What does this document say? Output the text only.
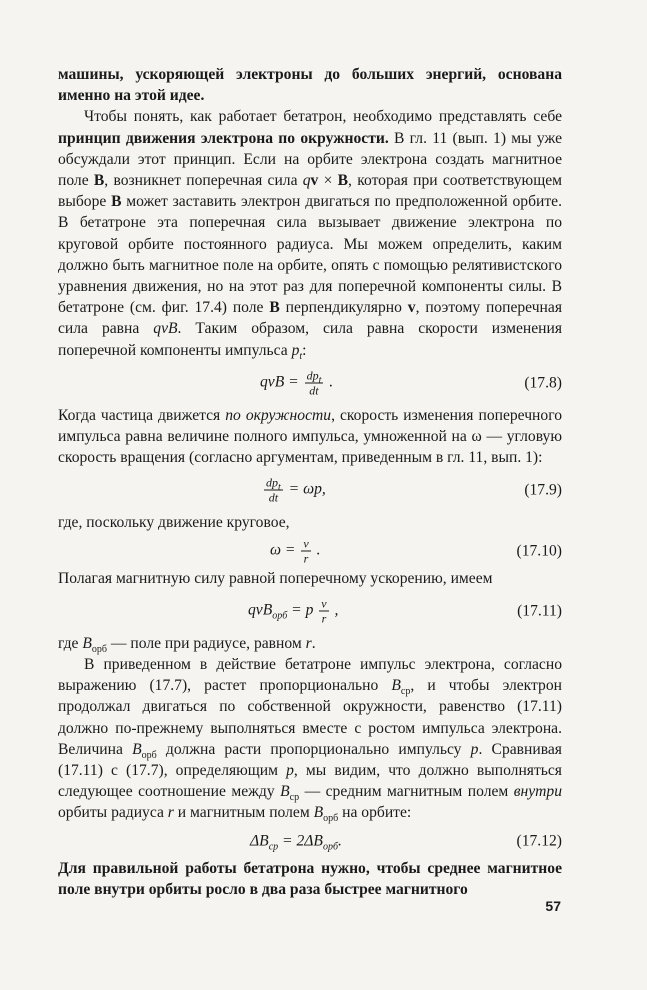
машины, ускоряющей электроны до больших энергий, основана именно на этой идее.

Чтобы понять, как работает бетатрон, необходимо представлять себе принцип движения электрона по окружности. В гл. 11 (вып. 1) мы уже обсуждали этот принцип. Если на орбите электрона создать магнитное поле B, возникнет поперечная сила qv × B, которая при соответствующем выборе B может заставить электрон двигаться по предположенной орбите. В бетатроне эта поперечная сила вызывает движение электрона по круговой орбите постоянного радиуса. Мы можем определить, каким должно быть магнитное поле на орбите, опять с помощью релятивистского уравнения движения, но на этот раз для поперечной компоненты силы. В бетатроне (см. фиг. 17.4) поле B перпендикулярно v, поэтому поперечная сила равна qvB. Таким образом, сила равна скорости изменения поперечной компоненты импульса $p_t$:

qvB = $\frac{dp_t}{dt}$ .	(17.8)

Когда частица движется по окружности, скорость изменения поперечного импульса равна величине полного импульса, умноженной на ω — угловую скорость вращения (согласно аргументам, приведенным в гл. 11, вып. 1):

$\frac{dp_t}{dt} = \omega p$,	(17.9)

где, поскольку движение круговое,

$\omega = \frac{v}{r}$ .	(17.10)

Полагая магнитную силу равной поперечному ускорению, имеем

qvB$_{орб}$ = p $\frac{v}{r}$ ,	(17.11)

где $B_{орб}$ — поле при радиусе, равном r.

В приведенном в действие бетатроне импульс электрона, согласно выражению (17.7), растет пропорционально $B_{ср}$, и чтобы электрон продолжал двигаться по собственной окружности, равенство (17.11) должно по-прежнему выполняться вместе с ростом импульса электрона. Величина $B_{орб}$ должна расти пропорционально импульсу p. Сравнивая (17.11) с (17.7), определяющим p, мы видим, что должно выполняться следующее соотношение между $B_{ср}$ — средним магнитным полем внутри орбиты радиуса r и магнитным полем $B_{орб}$ на орбите:

$\Delta B_{ср} = 2\Delta B_{орб}$.	(17.12)

Для правильной работы бетатрона нужно, чтобы среднее магнитное поле внутри орбиты росло в два раза быстрее магнитного

57
